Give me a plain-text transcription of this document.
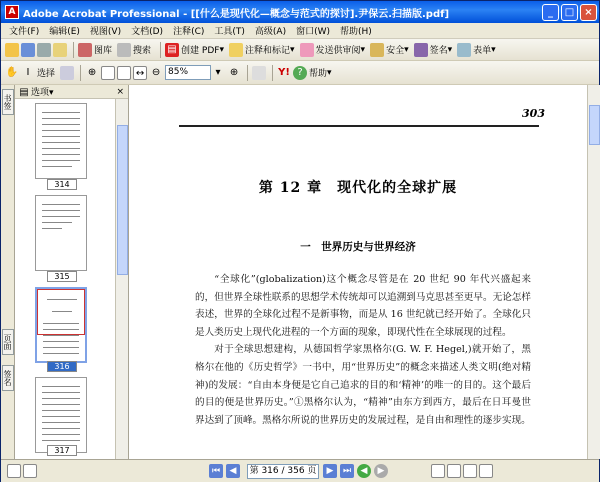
A Adobe Acrobat Professional - [[什么是现代化—概念与范式的探讨].尹保云.扫描版.pdf]	_	□	×
文件(F)	编辑(E)	视图(V)	文档(D)	注释(C)	工具(T)	高级(A)	窗口(W)	帮助(H)
图库 搜索 ▤ 创建 PDF ▾ 注释和标记 ▾ 发送供审阅 ▾ 安全 ▾ 签名 ▾ 表单 ▾
✋ I 选择	⊕	↔ ⊖ 85%	▾ ⊕	Y! ? 帮助 ▾
书签
页面
签名
▤ 选项▾	×
314
315
316
317
303
第 12 章　现代化的全球扩展
一　世界历史与世界经济

“全球化”(globalization)这个概念尽管是在 20 世纪 90 年代兴盛起来的，但世界全球性联系的思想学术传统却可以追溯到马克思甚至更早。无论怎样表述，世界的全球化过程不是新事物，而是从 16 世纪就已经开始了。全球化只是人类历史上现代化进程的一个方面的现象，即现代性在全球展现的过程。

对于全球思想建构，从德国哲学家黑格尔(G. W. F. Hegel,)就开始了，黑格尔在他的《历史哲学》一书中，用“世界历史”的概念来描述人类文明(绝对精神)的发展：“自由本身便是它自己追求的目的和‘精神’的唯一的目的。这个最后的目的便是世界历史。”①黑格尔认为，“精神”由东方到西方，最后在日耳曼世界达到了顶峰。黑格尔所说的世界历史的发展过程，是自由和理性的逐步实现。

⏮	◀	第 316 / 356 页	▶	⏭	◀	▶
